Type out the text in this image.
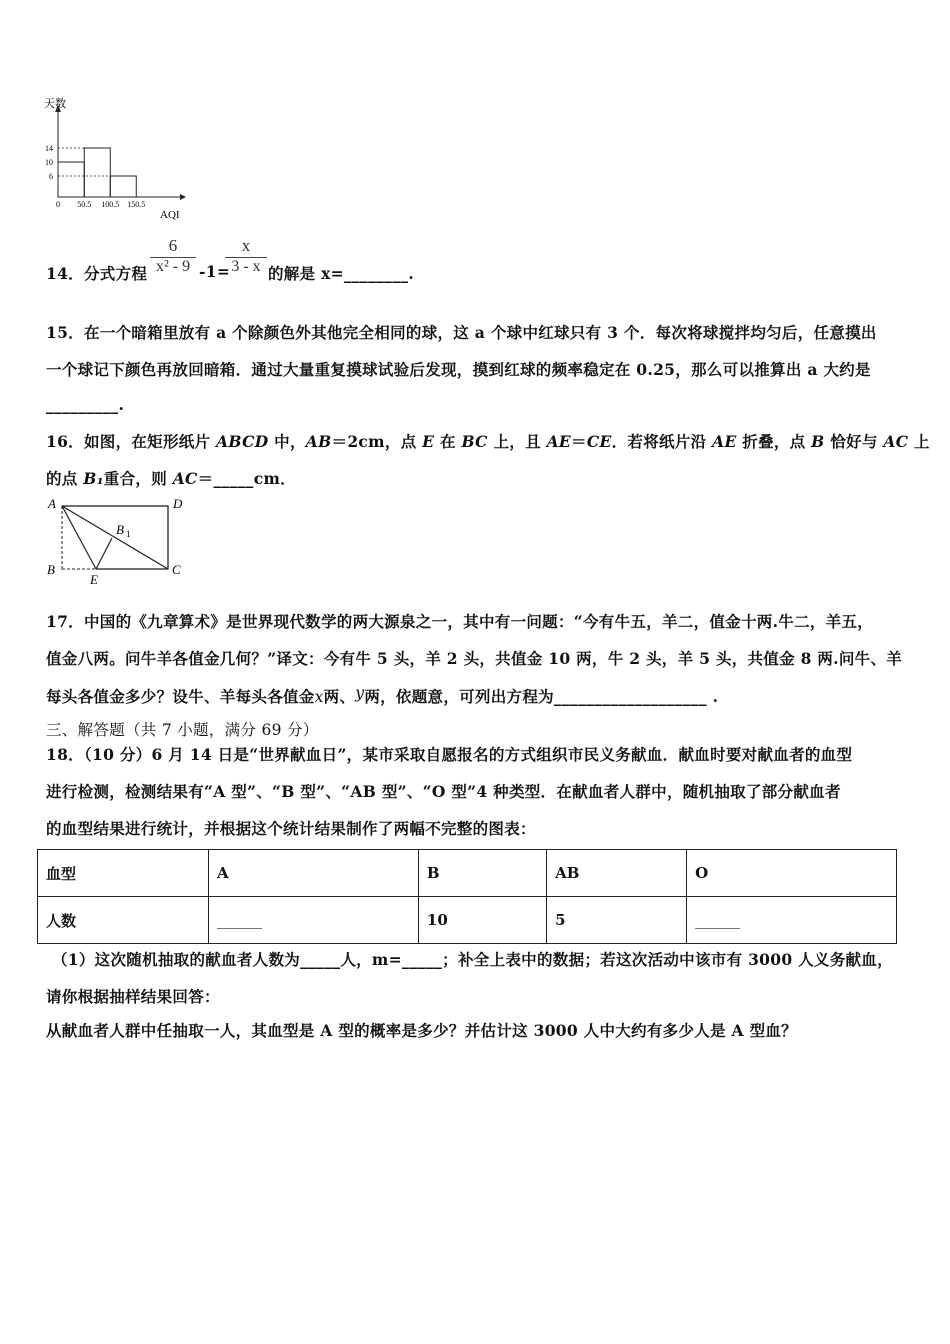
6
10
14
0 50.5 100.5 150.5
天数
AQI
14．分式方程 $\frac{6}{\text{x² - 9}} -1=$
$\frac{x}{3 - x}$ 的解是 x=________.
15．在一个暗箱里放有 a 个除颜色外其他完全相同的球，这 a 个球中红球只有 3 个．每次将球搅拌均匀后，任意摸出
一个球记下颜色再放回暗箱．通过大量重复摸球试验后发现，摸到红球的频率稳定在 0.25，那么可以推算出 a 大约是
_________.
16．如图，在矩形纸片 ABCD 中，AB＝2cm，点 E 在 BC 上，且 AE＝CE．若将纸片沿 AE 折叠，点 B 恰好与 AC 上
的点 B₁重合，则 AC＝_____cm．
A	D
B	C
E
B 1
17．中国的《九章算术》是世界现代数学的两大源泉之一，其中有一问题：“今有牛五，羊二，值金十两.牛二，羊五，
值金八两。问牛羊各值金几何？”译文：今有牛 5 头，羊 2 头，共值金 10 两，牛 2 头，羊 5 头，共值金 8 两.问牛、羊
每头各值金多少？设牛、羊每头各值金x两、y两，依题意，可列出方程为___________________ .
三、解答题（共 7 小题，满分 69 分）
18．（10 分）6 月 14 日是“世界献血日”，某市采取自愿报名的方式组织市民义务献血．献血时要对献血者的血型
进行检测，检测结果有“A 型”、“B 型”、“AB 型”、“O 型”4 种类型．在献血者人群中，随机抽取了部分献血者
的血型结果进行统计，并根据这个统计结果制作了两幅不完整的图表：
血型	A	B	AB	O
人数	______	10	5	______
（1）这次随机抽取的献血者人数为_____人，m=_____；补全上表中的数据；若这次活动中该市有 3000 人义务献血，
请你根据抽样结果回答：
从献血者人群中任抽取一人，其血型是 A 型的概率是多少？并估计这 3000 人中大约有多少人是 A 型血？
